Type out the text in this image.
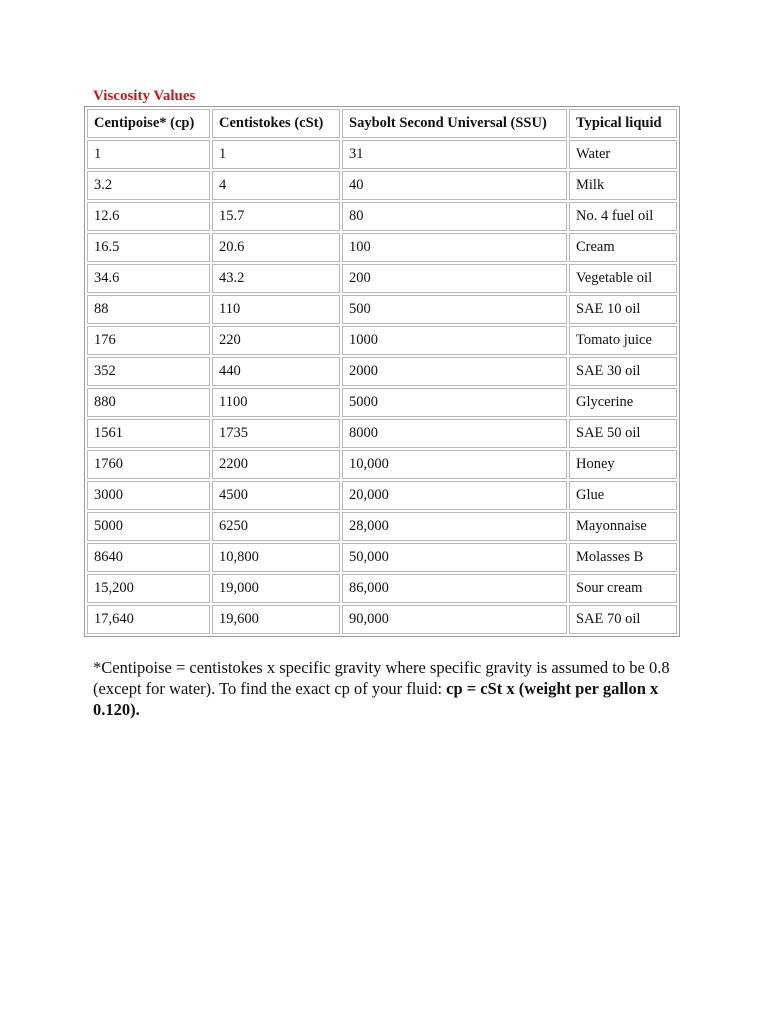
Viscosity Values
Centipoise* (cp)	Centistokes (cSt)	Saybolt Second Universal (SSU)	Typical liquid
1	1	31	Water
3.2	4	40	Milk
12.6	15.7	80	No. 4 fuel oil
16.5	20.6	100	Cream
34.6	43.2	200	Vegetable oil
88	110	500	SAE 10 oil
176	220	1000	Tomato juice
352	440	2000	SAE 30 oil
880	1100	5000	Glycerine
1561	1735	8000	SAE 50 oil
1760	2200	10,000	Honey
3000	4500	20,000	Glue
5000	6250	28,000	Mayonnaise
8640	10,800	50,000	Molasses B
15,200	19,000	86,000	Sour cream
17,640	19,600	90,000	SAE 70 oil
*Centipoise = centistokes x specific gravity where specific gravity is assumed to be 0.8 (except for water). To find the exact cp of your fluid: cp = cSt x (weight per gallon x 0.120).
